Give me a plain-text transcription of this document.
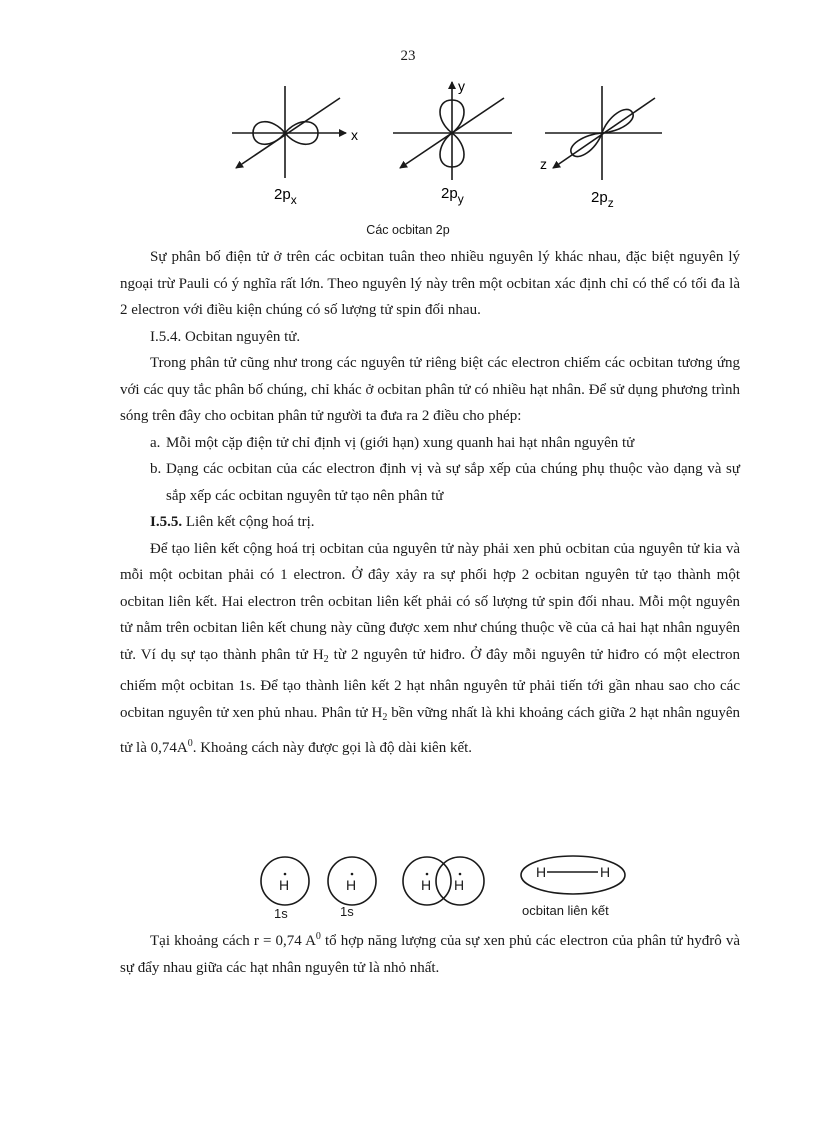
23
x
$2p_x$
y
$2p_y$
z
$2p_z$
Các ocbitan 2p

Sự phân bố điện tử ở trên các ocbitan tuân theo nhiều nguyên lý khác nhau, đặc biệt nguyên lý ngoại trừ Pauli có ý nghĩa rất lớn. Theo nguyên lý này trên một ocbitan xác định chỉ có thể có tối đa là 2 electron với điều kiện chúng có số lượng tử spin đối nhau.

I.5.4. Ocbitan nguyên tử.

Trong phân tử cũng như trong các nguyên tử riêng biệt các electron chiếm các ocbitan tương ứng với các quy tắc phân bố chúng, chỉ khác ở ocbitan phân tử có nhiều hạt nhân. Để sử dụng phương trình sóng trên đây cho ocbitan phân tử người ta đưa ra 2 điều cho phép:

a. Mỗi một cặp điện tử chỉ định vị (giới hạn) xung quanh hai hạt nhân nguyên tử

b. Dạng các ocbitan của các electron định vị và sự sắp xếp của chúng phụ thuộc vào dạng và sự sắp xếp các ocbitan nguyên tử tạo nên phân tử

I.5.5. Liên kết cộng hoá trị.

Để tạo liên kết cộng hoá trị ocbitan của nguyên tử này phải xen phủ ocbitan của nguyên tử kia và mỗi một ocbitan phải có 1 electron. Ở đây xảy ra sự phối hợp 2 ocbitan nguyên tử tạo thành một ocbitan liên kết. Hai electron trên ocbitan liên kết phải có số lượng tử spin đối nhau. Mỗi một nguyên tử nằm trên ocbitan liên kết chung này cũng được xem như chúng thuộc về của cả hai hạt nhân nguyên tử. Ví dụ sự tạo thành phân tử $H_2$ từ 2 nguyên tử hiđro. Ở đây mỗi nguyên tử hiđro có một electron chiếm một ocbitan 1s. Để tạo thành liên kết 2 hạt nhân nguyên tử phải tiến tới gần nhau sao cho các ocbitan nguyên tử xen phủ nhau. Phân tử $H_2$ bền vững nhất là khi khoảng cách giữa 2 hạt nhân nguyên tử là $0,74A^0$. Khoảng cách này được gọi là độ dài kiên kết.

H	H	H H
H	H
1s	1s	ocbitan liên kết

Tại khoảng cách r = 0,74 $A^0$ tổ hợp năng lượng của sự xen phủ các electron của phân tử hyđrô và sự đẩy nhau giữa các hạt nhân nguyên tử là nhỏ nhất.
